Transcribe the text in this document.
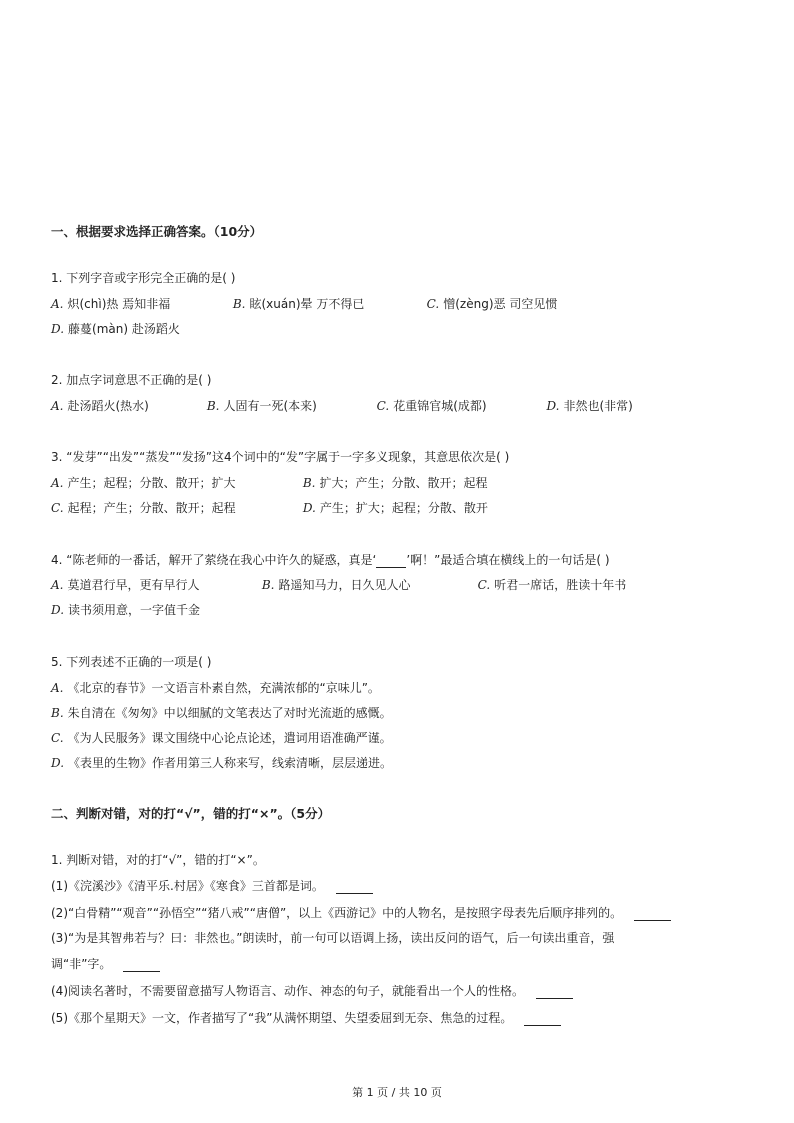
一、根据要求选择正确答案。（10分）
1. 下列字音或字形完全正确的是( )
A. 炽(chì)热 焉知非福	B. 眩(xuán)晕 万不得已	C. 憎(zèng)恶 司空见惯
D. 藤蔓(màn) 赴汤蹈火
2. 加点字词意思不正确的是( )
A. 赴汤蹈火(热水)	B. 人固有一死(本来)	C. 花重锦官城(成都)	D. 非然也(非常)
3. “发芽”“出发”“蒸发”“发扬”这4个词中的“发”字属于一字多义现象，其意思依次是( )
A. 产生；起程；分散、散开；扩大	B. 扩大；产生；分散、散开；起程
C. 起程；产生；分散、散开；起程	D. 产生；扩大；起程；分散、散开
4. “陈老师的一番话，解开了萦绕在我心中许久的疑惑，真是‘	’啊！”最适合填在横线上的一句话是( )
A. 莫道君行早，更有早行人	B. 路遥知马力，日久见人心	C. 听君一席话，胜读十年书
D. 读书须用意，一字值千金
5. 下列表述不正确的一项是( )
A. 《北京的春节》一文语言朴素自然，充满浓郁的“京味儿”。
B. 朱自清在《匆匆》中以细腻的文笔表达了对时光流逝的感慨。
C. 《为人民服务》课文围绕中心论点论述，遣词用语准确严谨。
D. 《表里的生物》作者用第三人称来写，线索清晰，层层递进。
二、判断对错，对的打“√”，错的打“×”。（5分）
1. 判断对错，对的打“√”，错的打“×”。
(1)《浣溪沙》《清平乐.村居》《寒食》三首都是词。
(2)“白骨精”“观音”“孙悟空”“猪八戒”“唐僧”，以上《西游记》中的人物名，是按照字母表先后顺序排列的。
(3)“为是其智弗若与？曰：非然也。”朗读时，前一句可以语调上扬，读出反问的语气，后一句读出重音，强
调“非”字。
(4)阅读名著时，不需要留意描写人物语言、动作、神态的句子，就能看出一个人的性格。
(5)《那个星期天》一文，作者描写了“我”从满怀期望、失望委屈到无奈、焦急的过程。
第 1 页 / 共 10 页
